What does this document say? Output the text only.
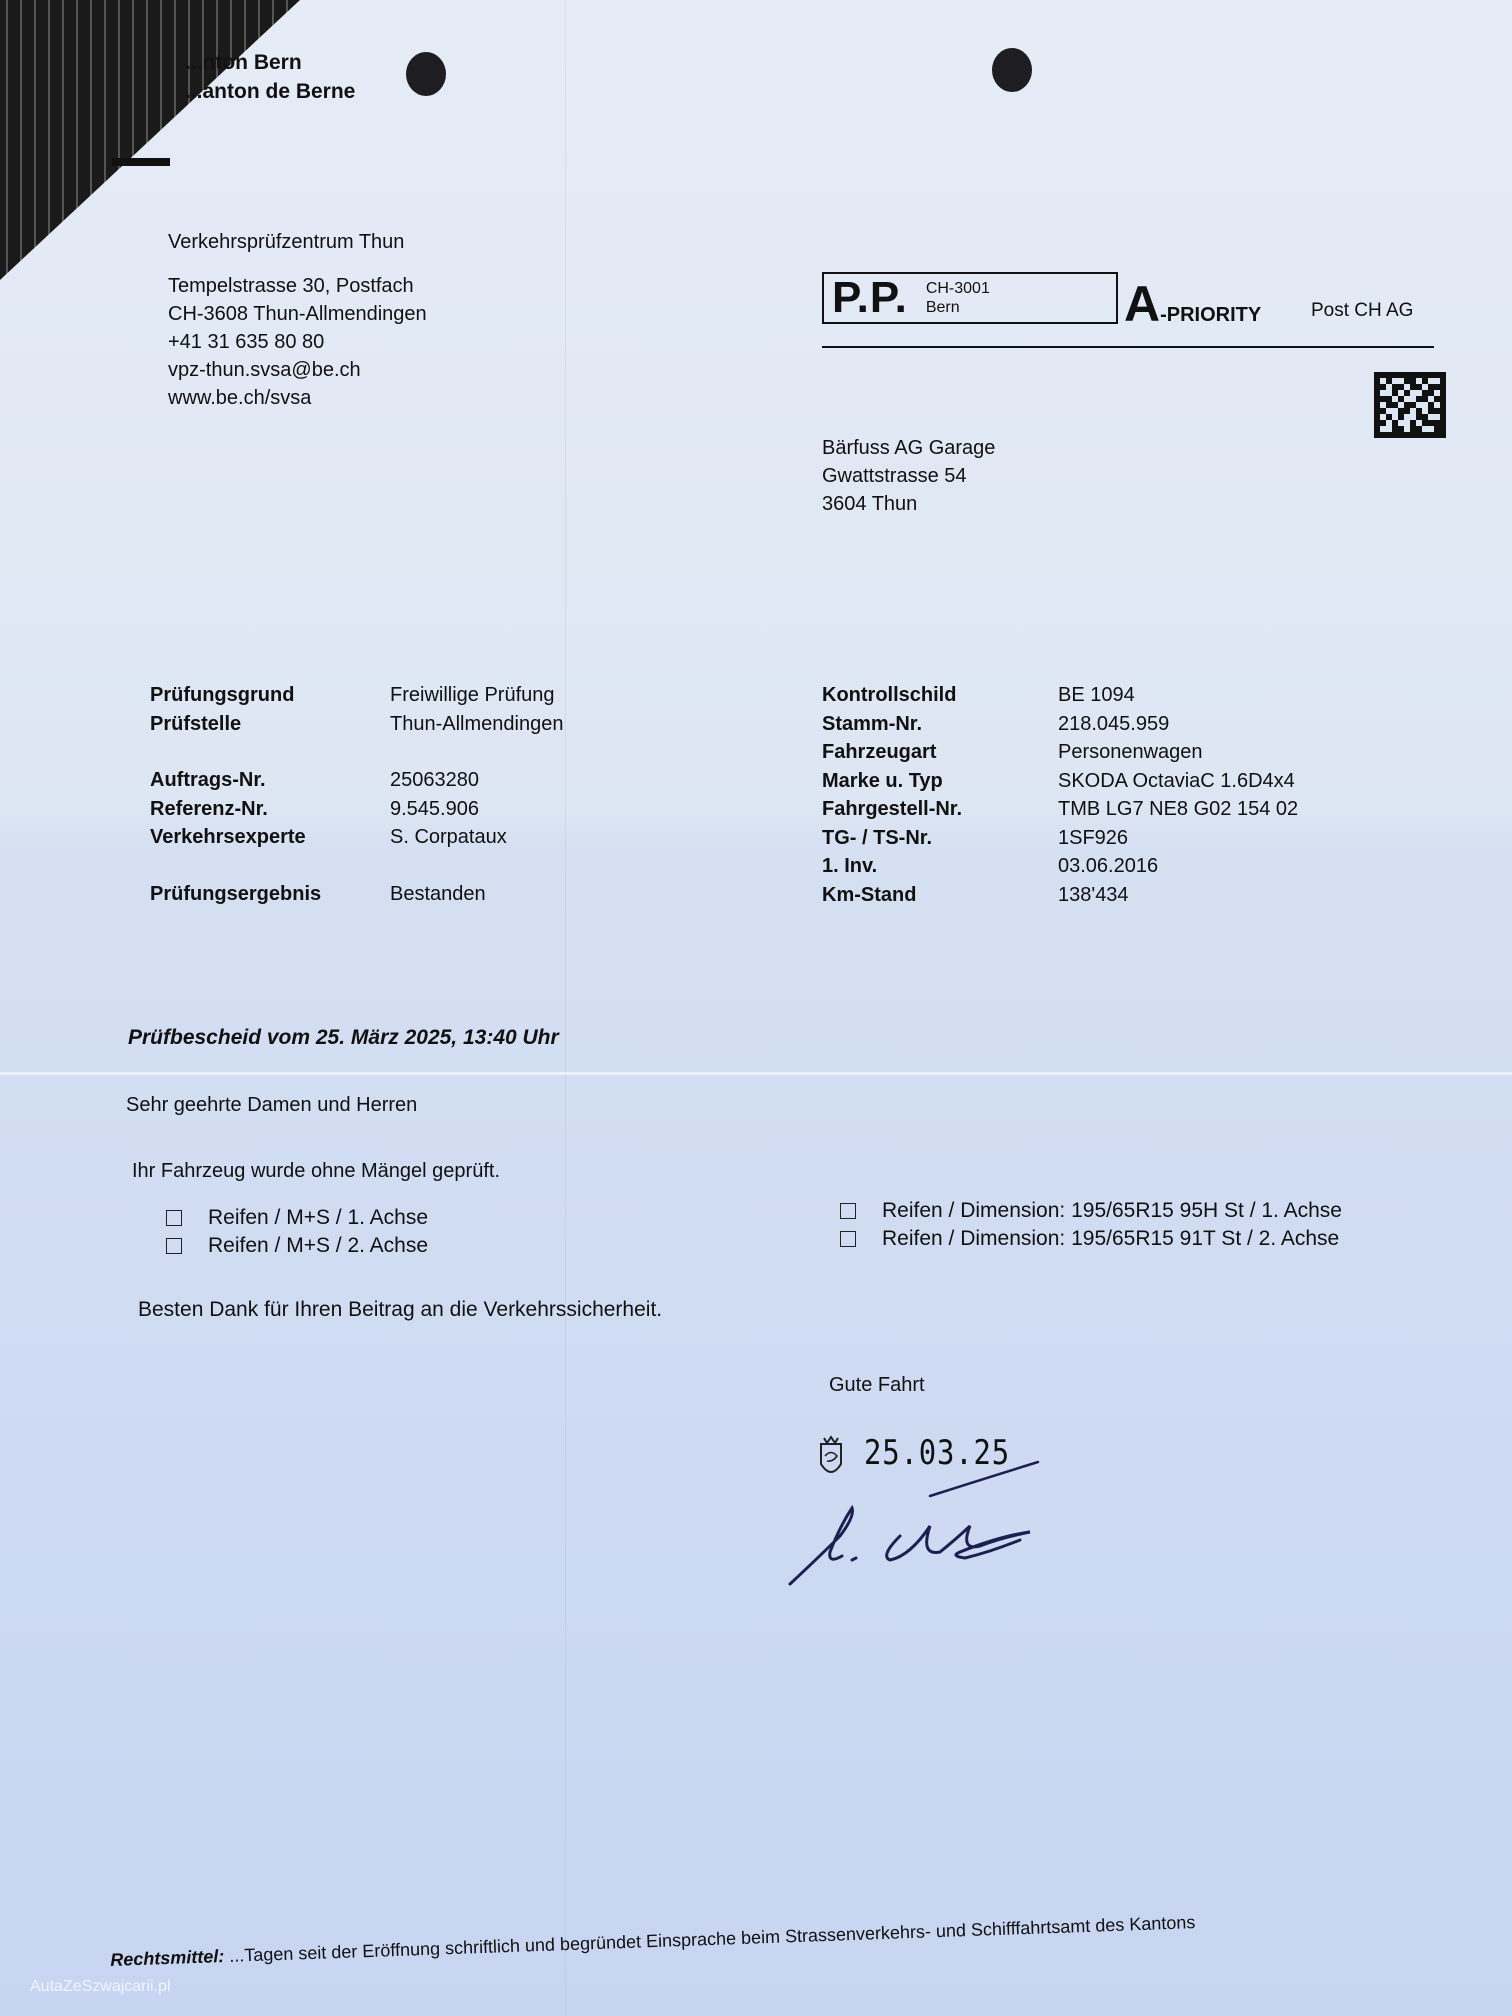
...nton Bern
...anton de Berne
Verkehrsprüfzentrum Thun
Tempelstrasse 30, Postfach
CH-3608 Thun-Allmendingen
+41 31 635 80 80
vpz-thun.svsa@be.ch
www.be.ch/svsa
P.P. CH-3001
Bern	A-PRIORITY	Post CH AG
Bärfuss AG Garage
Gwattstrasse 54
3604 Thun
Prüfungsgrund	Freiwillige Prüfung
Prüfstelle	Thun-Allmendingen
Auftrags-Nr.	25063280
Referenz-Nr.	9.545.906
Verkehrsexperte	S. Corpataux
Prüfungsergebnis	Bestanden
Kontrollschild	BE 1094
Stamm-Nr.	218.045.959
Fahrzeugart	Personenwagen
Marke u. Typ	SKODA OctaviaC 1.6D4x4
Fahrgestell-Nr.	TMB LG7 NE8 G02 154 02
TG- / TS-Nr.	1SF926
1. Inv.	03.06.2016
Km-Stand	138'434
Prüfbescheid vom 25. März 2025, 13:40 Uhr
Sehr geehrte Damen und Herren
Ihr Fahrzeug wurde ohne Mängel geprüft.
Reifen / M+S / 1. Achse
Reifen / M+S / 2. Achse
Reifen / Dimension: 195/65R15 95H St / 1. Achse
Reifen / Dimension: 195/65R15 91T St / 2. Achse
Besten Dank für Ihren Beitrag an die Verkehrssicherheit.
Gute Fahrt
25.03.25
Rechtsmittel: ...Tagen seit der Eröffnung schriftlich und begründet Einsprache beim Strassenverkehrs- und Schifffahrtsamt des Kantons
AutaZeSzwajcarii.pl
